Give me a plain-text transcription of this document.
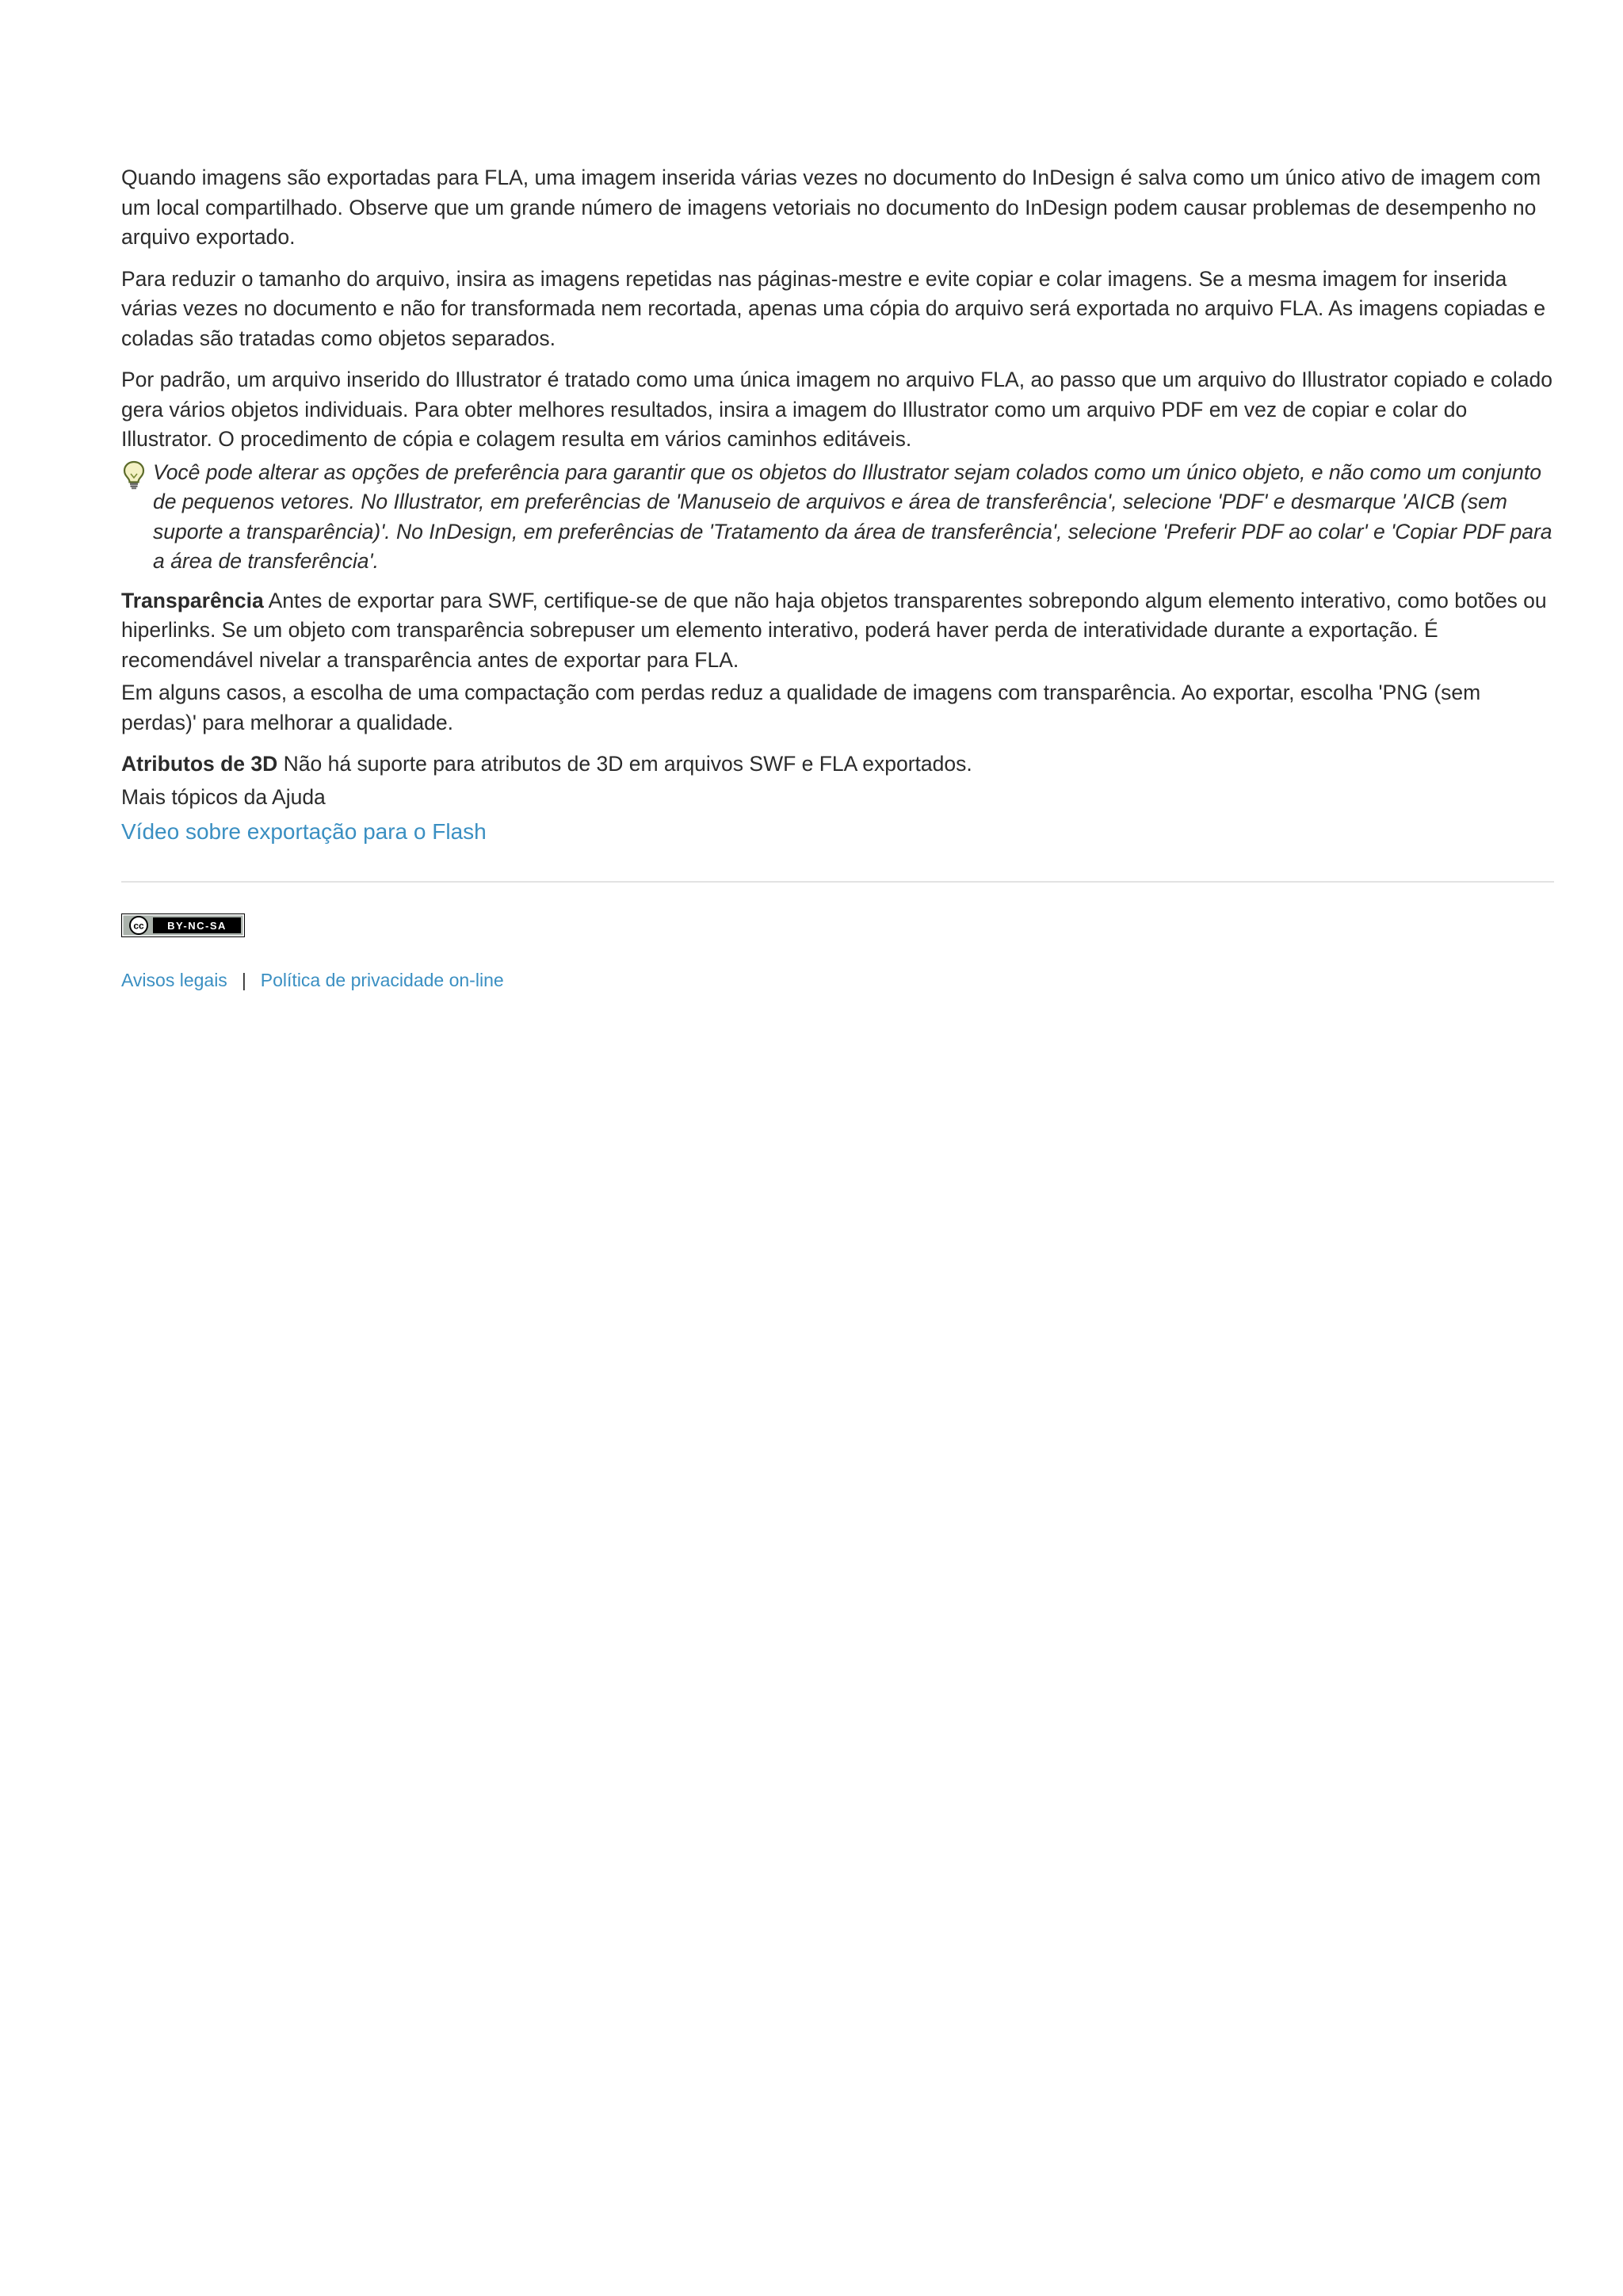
Quando imagens são exportadas para FLA, uma imagem inserida várias vezes no documento do InDesign é salva como um único ativo de imagem com um local compartilhado. Observe que um grande número de imagens vetoriais no documento do InDesign podem causar problemas de desempenho no arquivo exportado.

Para reduzir o tamanho do arquivo, insira as imagens repetidas nas páginas-mestre e evite copiar e colar imagens. Se a mesma imagem for inserida várias vezes no documento e não for transformada nem recortada, apenas uma cópia do arquivo será exportada no arquivo FLA. As imagens copiadas e coladas são tratadas como objetos separados.

Por padrão, um arquivo inserido do Illustrator é tratado como uma única imagem no arquivo FLA, ao passo que um arquivo do Illustrator copiado e colado gera vários objetos individuais. Para obter melhores resultados, insira a imagem do Illustrator como um arquivo PDF em vez de copiar e colar do Illustrator. O procedimento de cópia e colagem resulta em vários caminhos editáveis.

Você pode alterar as opções de preferência para garantir que os objetos do Illustrator sejam colados como um único objeto, e não como um conjunto de pequenos vetores. No Illustrator, em preferências de 'Manuseio de arquivos e área de transferência', selecione 'PDF' e desmarque 'AICB (sem suporte a transparência)'. No InDesign, em preferências de 'Tratamento da área de transferência', selecione 'Preferir PDF ao colar' e 'Copiar PDF para a área de transferência'.

Transparência Antes de exportar para SWF, certifique-se de que não haja objetos transparentes sobrepondo algum elemento interativo, como botões ou hiperlinks. Se um objeto com transparência sobrepuser um elemento interativo, poderá haver perda de interatividade durante a exportação. É recomendável nivelar a transparência antes de exportar para FLA.

Em alguns casos, a escolha de uma compactação com perdas reduz a qualidade de imagens com transparência. Ao exportar, escolha 'PNG (sem perdas)' para melhorar a qualidade.

Atributos de 3D Não há suporte para atributos de 3D em arquivos SWF e FLA exportados.

Mais tópicos da Ajuda

Vídeo sobre exportação para o Flash
cc BY-NC-SA
Avisos legais | Política de privacidade on-line
